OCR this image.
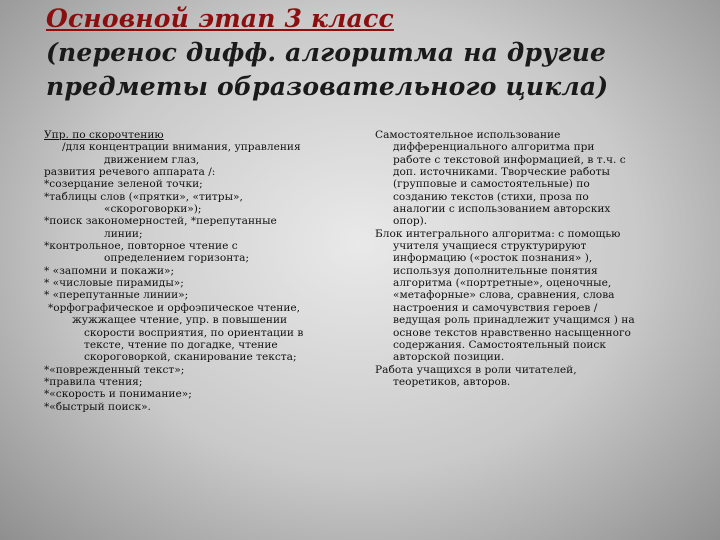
Основной этап 3 класс
(перенос дифф. алгоритма на другие
предметы образовательного цикла)
Упр. по скорочтению
/для концентрации внимания, управления
движением глаз,
развития речевого аппарата /:
*созерцание зеленой точки;
*таблицы слов («прятки», «титры»,
«скороговорки»);
*поиск закономерностей, *перепутанные
линии;
*контрольное, повторное чтение с
определением горизонта;
* «запомни и покажи»;
* «числовые пирамиды»;
* «перепутанные линии»;
*орфографическое и орфоэпическое чтение,
жужжащее чтение, упр. в повышении
скорости восприятия, по ориентации в
тексте, чтение по догадке, чтение
скороговоркой, сканирование текста;
*«поврежденный текст»;
*правила чтения;
*«скорость и понимание»;
*«быстрый поиск».
Самостоятельное использование
дифференциального алгоритма при
работе с текстовой информацией, в т.ч. с
доп. источниками. Творческие работы
(групповые и самостоятельные) по
созданию текстов (стихи, проза по
аналогии с использованием авторских
опор).
Блок интегрального алгоритма: с помощью
учителя учащиеся структурируют
информацию («росток познания» ),
используя дополнительные понятия
алгоритма («портретные», оценочные,
«метафорные» слова, сравнения, слова
настроения и самочувствия героев /
ведущая роль принадлежит учащимся ) на
основе текстов нравственно насыщенного
содержания. Самостоятельный поиск
авторской позиции.
Работа учащихся в роли читателей,
теоретиков, авторов.
